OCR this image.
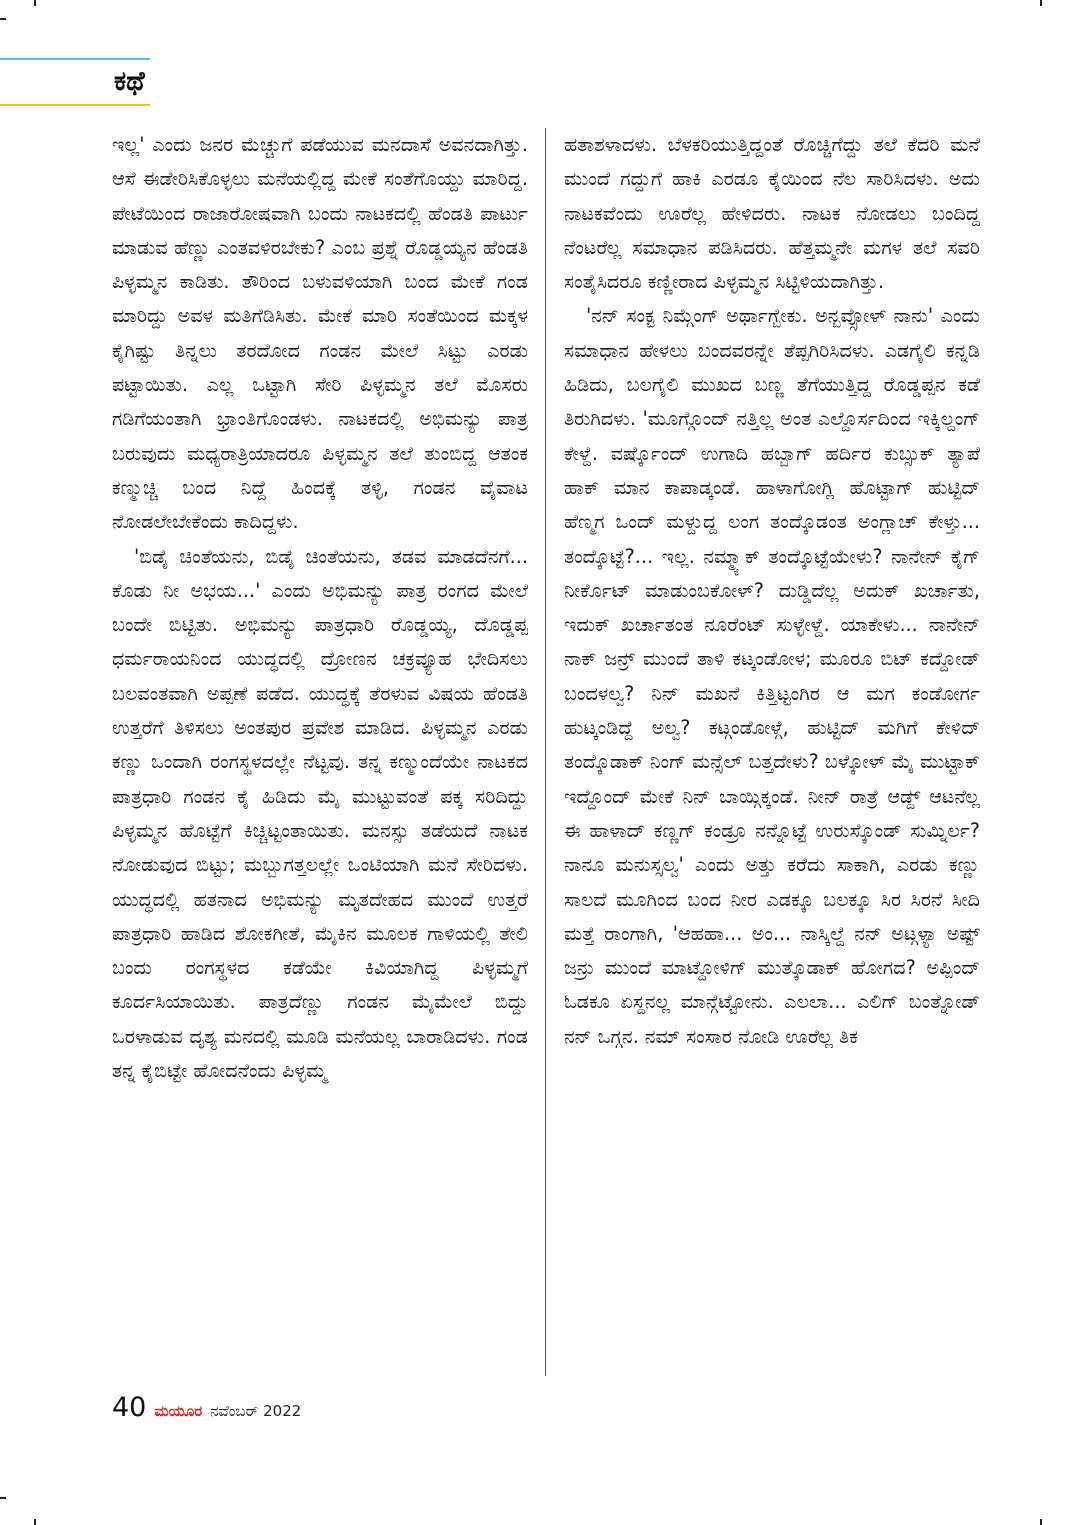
ಕಥೆ

ಇಲ್ಲ' ಎಂದು ಜನರ ಮೆಚ್ಚುಗೆ ಪಡೆಯುವ ಮನದಾಸೆ ಅವನದಾಗಿತ್ತು. ಆಸೆ ಈಡೇರಿಸಿಕೊಳ್ಳಲು ಮನೆಯಲ್ಲಿದ್ದ ಮೇಕೆ ಸಂತೆಗೊಯ್ದು ಮಾರಿದ್ದ. ಪೇಟೆಯಿಂದ ರಾಜಾರೋಷವಾಗಿ ಬಂದು ನಾಟಕದಲ್ಲಿ ಹೆಂಡತಿ ಪಾರ್ಟು ಮಾಡುವ ಹೆಣ್ಣು ಎಂತವಳಿರಬೇಕು? ಎಂಬ ಪ್ರಶ್ನೆ ರೊಡ್ಡಯ್ಯನ ಹೆಂಡತಿ ಪಿಳ್ಳಮ್ಮನ ಕಾಡಿತು. ತೌರಿಂದ ಬಳುವಳಿಯಾಗಿ ಬಂದ ಮೇಕೆ ಗಂಡ ಮಾರಿದ್ದು ಅವಳ ಮತಿಗೆಡಿಸಿತು. ಮೇಕೆ ಮಾರಿ ಸಂತೆಯಿಂದ ಮಕ್ಕಳ ಕೈಗಿಷ್ಟು ತಿನ್ನಲು ತರದೋದ ಗಂಡನ ಮೇಲೆ ಸಿಟ್ಟು ಎರಡು ಪಟ್ಟಾಯಿತು. ಎಲ್ಲ ಒಟ್ಟಾಗಿ ಸೇರಿ ಪಿಳ್ಳಮ್ಮನ ತಲೆ ಮೊಸರು ಗಡಿಗೆಯಂತಾಗಿ ಭ್ರಾಂತಿಗೊಂಡಳು. ನಾಟಕದಲ್ಲಿ ಅಭಿಮನ್ಯು ಪಾತ್ರ ಬರುವುದು ಮಧ್ಯರಾತ್ರಿಯಾದರೂ ಪಿಳ್ಳಮ್ಮನ ತಲೆ ತುಂಬಿದ್ದ ಆತಂಕ ಕಣ್ಮುಚ್ಚಿ ಬಂದ ನಿದ್ದೆ ಹಿಂದಕ್ಕೆ ತಳ್ಳಿ, ಗಂಡನ ವೈವಾಟ ನೋಡಲೇಬೇಕೆಂದು ಕಾದಿದ್ದಳು.

'ಬಿಡೈ ಚಿಂತೆಯನು, ಬಿಡೈ ಚಿಂತೆಯನು, ತಡವ ಮಾಡದೆನಗೆ... ಕೊಡು ನೀ ಅಭಯ...' ಎಂದು ಅಭಿಮನ್ಯು ಪಾತ್ರ ರಂಗದ ಮೇಲೆ ಬಂದೇ ಬಿಟ್ಟಿತು. ಅಭಿಮನ್ಯು ಪಾತ್ರಧಾರಿ ರೊಡ್ಡಯ್ಯ, ದೊಡ್ಡಪ್ಪ ಧರ್ಮರಾಯನಿಂದ ಯುದ್ಧದಲ್ಲಿ ದ್ರೋಣನ ಚಕ್ರವ್ಯೂಹ ಭೇದಿಸಲು ಬಲವಂತವಾಗಿ ಅಪ್ಪಣೆ ಪಡೆದ. ಯುದ್ಧಕ್ಕೆ ತೆರಳುವ ವಿಷಯ ಹೆಂಡತಿ ಉತ್ತರೆಗೆ ತಿಳಿಸಲು ಅಂತಪುರ ಪ್ರವೇಶ ಮಾಡಿದ. ಪಿಳ್ಳಮ್ಮನ ಎರಡು ಕಣ್ಣು ಒಂದಾಗಿ ರಂಗಸ್ಥಳದಲ್ಲೇ ನೆಟ್ಟವು. ತನ್ನ ಕಣ್ಮುಂದೆಯೇ ನಾಟಕದ ಪಾತ್ರಧಾರಿ ಗಂಡನ ಕೈ ಹಿಡಿದು ಮೈ ಮುಟ್ಟುವಂತೆ ಪಕ್ಕ ಸರಿದಿದ್ದು ಪಿಳ್ಳಮ್ಮನ ಹೊಟ್ಟೆಗೆ ಕಿಚ್ಚಿಟ್ಟಂತಾಯಿತು. ಮನಸ್ಸು ತಡೆಯದೆ ನಾಟಕ ನೋಡುವುದ ಬಿಟ್ಟು; ಮಬ್ಬುಗತ್ತಲಲ್ಲೇ ಒಂಟಿಯಾಗಿ ಮನೆ ಸೇರಿದಳು. ಯುದ್ಧದಲ್ಲಿ ಹತನಾದ ಅಭಿಮನ್ಯು ಮೃತದೇಹದ ಮುಂದೆ ಉತ್ತರೆ ಪಾತ್ರಧಾರಿ ಹಾಡಿದ ಶೋಕಗೀತೆ, ಮೈಕಿನ ಮೂಲಕ ಗಾಳಿಯಲ್ಲಿ ತೇಲಿ ಬಂದು ರಂಗಸ್ಥಳದ ಕಡೆಯೇ ಕಿವಿಯಾಗಿದ್ದ ಪಿಳ್ಳಮ್ಮಗೆ ಕೂರ್ದಸಿಯಾಯಿತು. ಪಾತ್ರದೆಣ್ಣು ಗಂಡನ ಮೈಮೇಲೆ ಬಿದ್ದು ಒರಳಾಡುವ ದೃಶ್ಯ ಮನದಲ್ಲಿ ಮೂಡಿ ಮನೆಯಲ್ಲ ಬಾರಾಡಿದಳು. ಗಂಡ ತನ್ನ ಕೈಬಿಟ್ಟೇ ಹೋದನೆಂದು ಪಿಳ್ಳಮ್ಮ

ಹತಾಶಳಾದಳು. ಬೆಳಕರಿಯುತ್ತಿದ್ದಂತೆ ರೊಚ್ಚಿಗೆದ್ದು ತಲೆ ಕೆದರಿ ಮನೆ ಮುಂದೆ ಗದ್ದುಗೆ ಹಾಕಿ ಎರಡೂ ಕೈಯಿಂದ ನೆಲ ಸಾರಿಸಿದಳು. ಅದು ನಾಟಕವೆಂದು ಊರೆಲ್ಲ ಹೇಳಿದರು. ನಾಟಕ ನೋಡಲು ಬಂದಿದ್ದ ನೆಂಟರೆಲ್ಲ ಸಮಾಧಾನ ಪಡಿಸಿದರು. ಹೆತ್ತಮ್ಮನೇ ಮಗಳ ತಲೆ ಸವರಿ ಸಂತೈಸಿದರೂ ಕಣ್ಣೀರಾದ ಪಿಳ್ಳಮ್ಮನ ಸಿಟ್ಟಿಳಿಯದಾಗಿತ್ತು.

'ನನ್ ಸಂಕ್ಟ ನಿಮ್ಗೆಂಗ್ ಅರ್ಥಾಗ್ಬೇಕು. ಅನ್ಬವ್ಸೋಳ್ ನಾನು' ಎಂದು ಸಮಾಧಾನ ಹೇಳಲು ಬಂದವರನ್ನೇ ತೆಪ್ಪಗಿರಿಸಿದಳು. ಎಡಗೈಲಿ ಕನ್ನಡಿ ಹಿಡಿದು, ಬಲಗೈಲಿ ಮುಖದ ಬಣ್ಣ ತೆಗೆಯುತ್ತಿದ್ದ ರೊಡ್ಡಪ್ಪನ ಕಡೆ ತಿರುಗಿದಳು. 'ಮೂಗ್ಗೊಂದ್ ನತ್ತಿಲ್ಲ ಅಂತ ಎಲ್ದೊರ್ಸದಿಂದ ಇಕ್ಕಿಲ್ದಂಗ್ ಕೇಳ್ದೆ. ವರ್ಷ್ಕೊಂದ್ ಉಗಾದಿ ಹಬ್ಬಾಗ್ ಹರ್ದಿರ ಕುಬ್ಸುಕ್ ತ್ಯಾಪೆ ಹಾಕ್ ಮಾನ ಕಾಪಾಡ್ಕಂಡೆ. ಹಾಳಾಗೋಗ್ಲಿ ಹೊಟ್ಟಾಗ್ ಹುಟ್ಟಿದ್ ಹೆಣ್ಮಗ ಒಂದ್ ಮಳ್ದುದ್ದ ಲಂಗ ತಂದ್ಕೊಡಂತ ಅಂಗ್ಲಾಚ್ ಕೇಳ್ತು... ತಂದ್ಕೊಟ್ಟೆ?... ಇಲ್ಲ. ನಮ್ಮ್ಯಾಕ್ ತಂದ್ಕೊಟ್ಟೆಯೇಳು? ನಾನೇನ್ ಕೈಗ್ ನೀರ್ಕೊಟ್ ಮಾಡುಂಬಕೋಳ್? ದುಡ್ಡಿದೆಲ್ಲ ಅದುಕ್ ಖರ್ಚಾತು, ಇದುಕ್ ಖರ್ಚಾತಂತ ನೂರೆಂಟ್ ಸುಳ್ಳೇಳ್ದೆ. ಯಾಕೇಳು... ನಾನೇನ್ ನಾಕ್ ಜನ್ರ್ ಮುಂದೆ ತಾಳಿ ಕಟ್ಕಂಡೋಳ; ಮೂರೂ ಬಿಟ್ ಕದ್ದೋಡ್ ಬಂದಳಲ್ವ? ನಿನ್ ಮಖನೆ ಕಿತ್ತಿಟ್ಟಂಗಿರ ಆ ಮಗ ಕಂಡೋರ್ಗ ಹುಟ್ಕಂಡಿದ್ದೆ ಅಲ್ವ? ಕಟ್ಗಂಡೋಳ್ಗೆ, ಹುಟ್ಟಿದ್ ಮಗಿಗೆ ಕೇಳಿದ್ ತಂದ್ಕೊಡಾಕ್ ನಿಂಗ್ ಮನ್ಸೆಲ್ ಬತ್ತದೇಳು? ಬಳ್ಕೋಳ್ ಮೈ ಮುಟ್ಟಾಕ್ ಇದ್ದೊಂದ್ ಮೇಕೆ ನಿನ್ ಬಾಯ್ಗಿಕ್ಕಂಡೆ. ನೀನ್ ರಾತ್ರೆ ಆಡ್ದ್ ಆಟನೆಲ್ಲ ಈ ಹಾಳಾದ್ ಕಣ್ಣಗ್ ಕಂಡ್ರೂ ನನ್ನೊಟ್ಟೆ ಉರುಸ್ಕೊಂಡ್ ಸುಮ್ನಿರ್ಲ? ನಾನೂ ಮನುಸ್ಸಲ್ವ' ಎಂದು ಅತ್ತು ಕರೆದು ಸಾಕಾಗಿ, ಎರಡು ಕಣ್ಣು ಸಾಲದೆ ಮೂಗಿಂದ ಬಂದ ನೀರ ಎಡಕ್ಕೂ ಬಲಕ್ಕೂ ಸಿರ ಸಿರನೆ ಸೀದಿ ಮತ್ತೆ ರಾಂಗಾಗಿ, 'ಆಹಹಾ... ಅಂ... ನಾಸ್ಕಿಲ್ದೆ ನನ್ ಅಟ್ಗಳ್ಯಾ ಅಷ್ಟ್ ಜನ್ರು ಮುಂದೆ ಮಾಟ್ದೋಳಿಗ್ ಮುತ್ಕೊಡಾಕ್ ಹೋಗದ? ಅಪ್ಪಿಂದ್ ಓಡಕೂ ಏಸ್ದನಲ್ಲ ಮಾನ್ಗೆಟ್ಟೋನು. ಎಲಲಾ... ಎಲಿಗ್ ಬಂತ್ನೋಡ್ ನನ್ ಒಗ್ಗನ. ನಮ್ ಸಂಸಾರ ನೋಡಿ ಊರೆಲ್ಲ ತಿಕ

40 ಮಯೂರ ನವೆಂಬರ್ 2022
